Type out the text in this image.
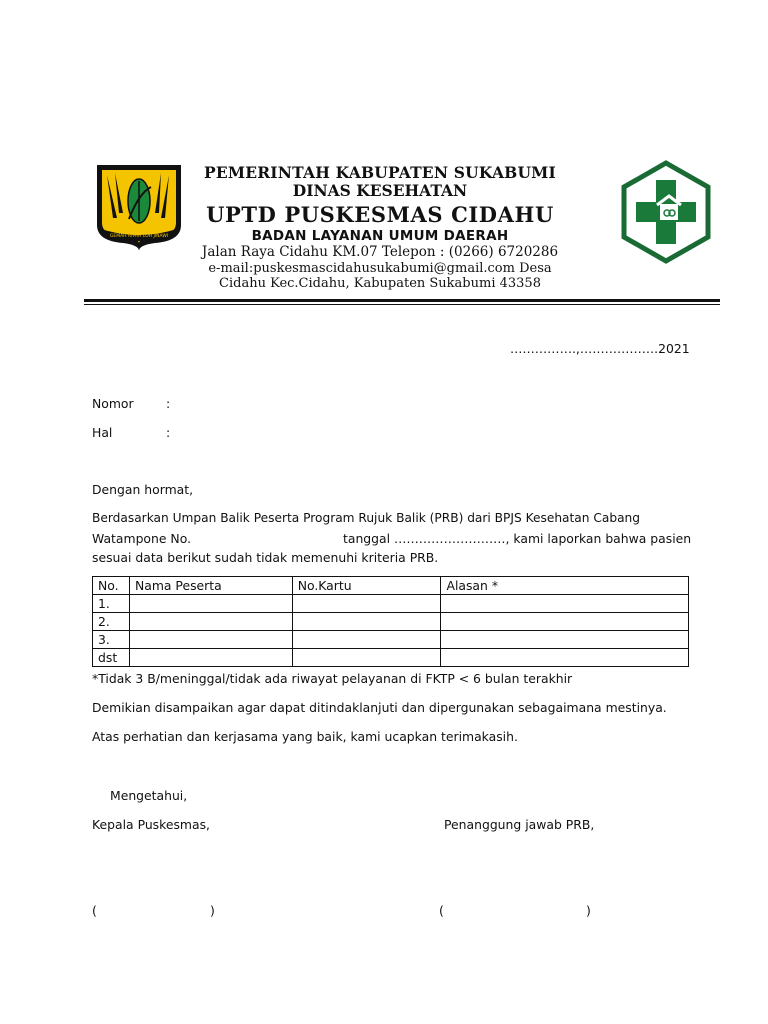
GEMAH RIPAH LOH JINAWI
PEMERINTAH KABUPATEN SUKABUMI
DINAS KESEHATAN
UPTD PUSKESMAS CIDAHU
BADAN LAYANAN UMUM DAERAH
Jalan Raya Cidahu KM.07 Telepon : (0266) 6720286
e-mail:puskesmascidahusukabumi@gmail.com Desa
Cidahu Kec.Cidahu, Kabupaten Sukabumi 43358
…………….,……………….2021
Nomor	:
Hal	:
Dengan hormat,
Berdasarkan Umpan Balik Peserta Program Rujuk Balik (PRB) dari BPJS Kesehatan Cabang
Watampone No.	tanggal ………………………, kami laporkan bahwa pasien
sesuai data berikut sudah tidak memenuhi kriteria PRB.
No.	Nama Peserta	No.Kartu	Alasan *
1.			
2.			
3.			
dst			
*Tidak 3 B/meninggal/tidak ada riwayat pelayanan di FKTP < 6 bulan terakhir
Demikian disampaikan agar dapat ditindaklanjuti dan dipergunakan sebagaimana mestinya.
Atas perhatian dan kerjasama yang baik, kami ucapkan terimakasih.
Mengetahui,
Kepala Puskesmas,	Penanggung jawab PRB,
(	)	(	)
